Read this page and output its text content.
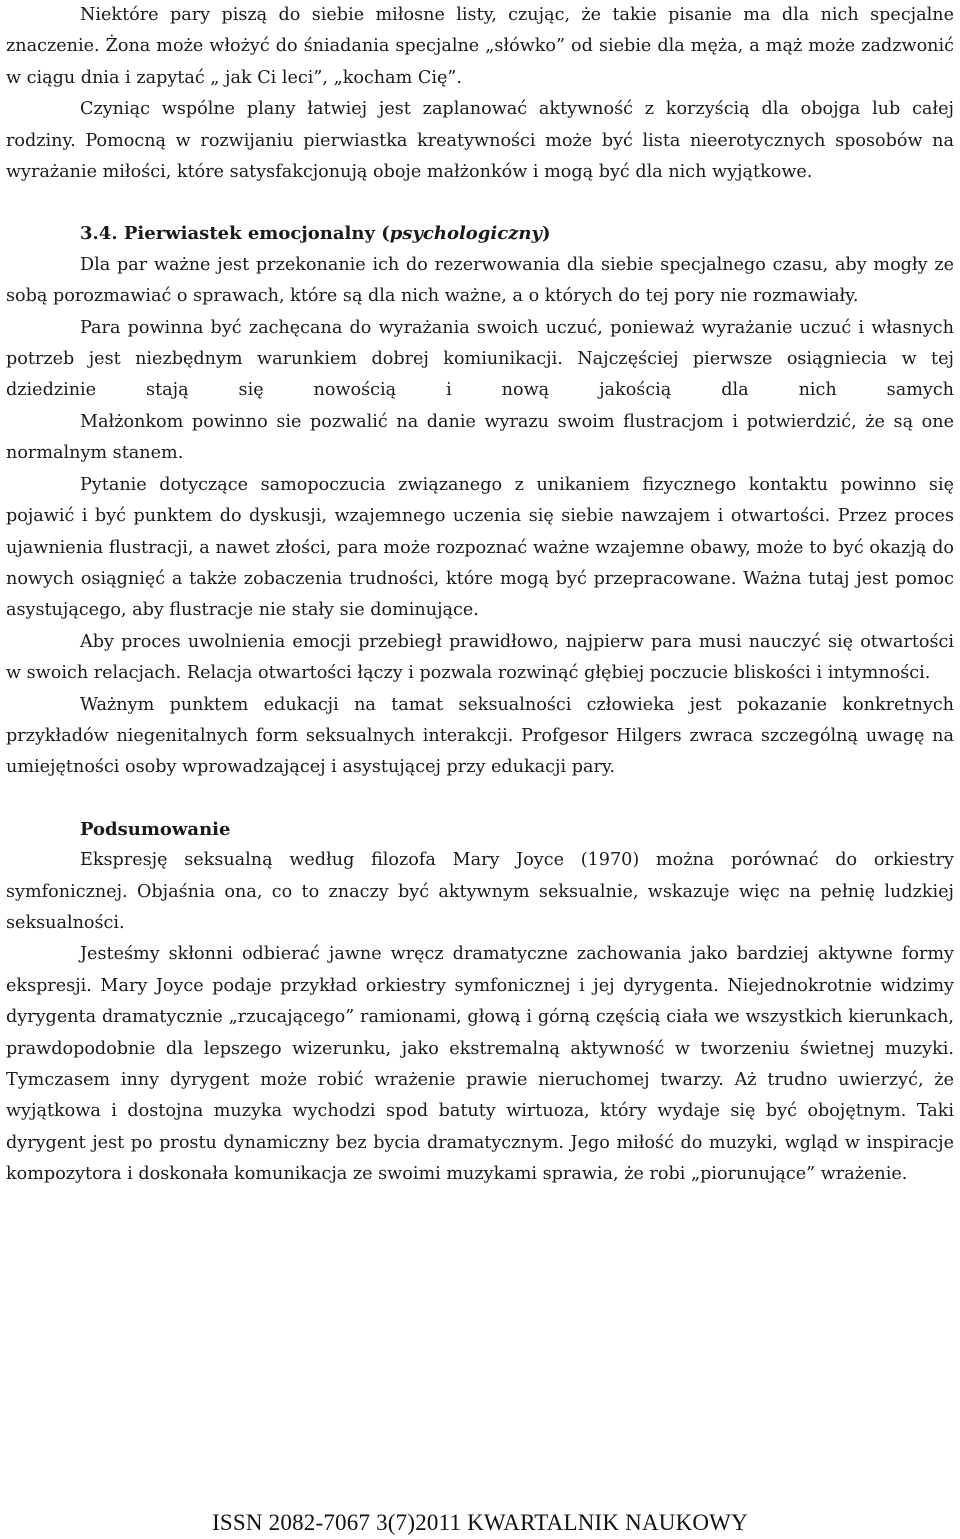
Niektóre pary piszą do siebie miłosne listy, czując, że takie pisanie ma dla nich specjalne znaczenie. Żona może włożyć do śniadania specjalne „słówko” od siebie dla męża, a mąż może zadzwonić w ciągu dnia i zapytać „ jak Ci leci”, „kocham Cię”.

Czyniąc wspólne plany łatwiej jest zaplanować aktywność z korzyścią dla obojga lub całej rodziny. Pomocną w rozwijaniu pierwiastka kreatywności może być lista nieerotycznych sposobów na wyrażanie miłości, które satysfakcjonują oboje małżonków i mogą być dla nich wyjątkowe.

3.4. Pierwiastek emocjonalny (psychologiczny)

Dla par ważne jest przekonanie ich do rezerwowania dla siebie specjalnego czasu, aby mogły ze sobą porozmawiać o sprawach, które są dla nich ważne, a o których do tej pory nie rozmawiały.

Para powinna być zachęcana do wyrażania swoich uczuć, ponieważ wyrażanie uczuć i własnych potrzeb jest niezbędnym warunkiem dobrej komiunikacji. Najczęściej pierwsze osiągniecia w tej dziedzinie stają się nowością i nową jakością dla nich samych

Małżonkom powinno sie pozwalić na danie wyrazu swoim flustracjom i potwierdzić, że są one normalnym stanem.

Pytanie dotyczące samopoczucia związanego z unikaniem fizycznego kontaktu powinno się pojawić i być punktem do dyskusji, wzajemnego uczenia się siebie nawzajem i otwartości. Przez proces ujawnienia flustracji, a nawet złości, para może rozpoznać ważne wzajemne obawy, może to być okazją do nowych osiągnięć a także zobaczenia trudności, które mogą być przepracowane. Ważna tutaj jest pomoc asystującego, aby flustracje nie stały sie dominujące.

Aby proces uwolnienia emocji przebiegł prawidłowo, najpierw para musi nauczyć się otwartości w swoich relacjach. Relacja otwartości łączy i pozwala rozwinąć głębiej poczucie bliskości i intymności.

Ważnym punktem edukacji na tamat seksualności człowieka jest pokazanie konkretnych przykładów niegenitalnych form seksualnych interakcji. Profgesor Hilgers zwraca szczególną uwagę na umiejętności osoby wprowadzającej i asystującej przy edukacji pary.

Podsumowanie

Ekspresję seksualną według filozofa Mary Joyce (1970) można porównać do orkiestry symfonicznej. Objaśnia ona, co to znaczy być aktywnym seksualnie, wskazuje więc na pełnię ludzkiej seksualności.

Jesteśmy skłonni odbierać jawne wręcz dramatyczne zachowania jako bardziej aktywne formy ekspresji. Mary Joyce podaje przykład orkiestry symfonicznej i jej dyrygenta. Niejednokrotnie widzimy dyrygenta dramatycznie „rzucającego” ramionami, głową i górną częścią ciała we wszystkich kierunkach, prawdopodobnie dla lepszego wizerunku, jako ekstremalną aktywność w tworzeniu świetnej muzyki. Tymczasem inny dyrygent może robić wrażenie prawie nieruchomej twarzy. Aż trudno uwierzyć, że wyjątkowa i dostojna muzyka wychodzi spod batuty wirtuoza, który wydaje się być obojętnym. Taki dyrygent jest po prostu dynamiczny bez bycia dramatycznym. Jego miłość do muzyki, wgląd w inspiracje kompozytora i doskonała komunikacja ze swoimi muzykami sprawia, że robi „piorunujące” wrażenie.

ISSN 2082-7067 3(7)2011 KWARTALNIK NAUKOWY
